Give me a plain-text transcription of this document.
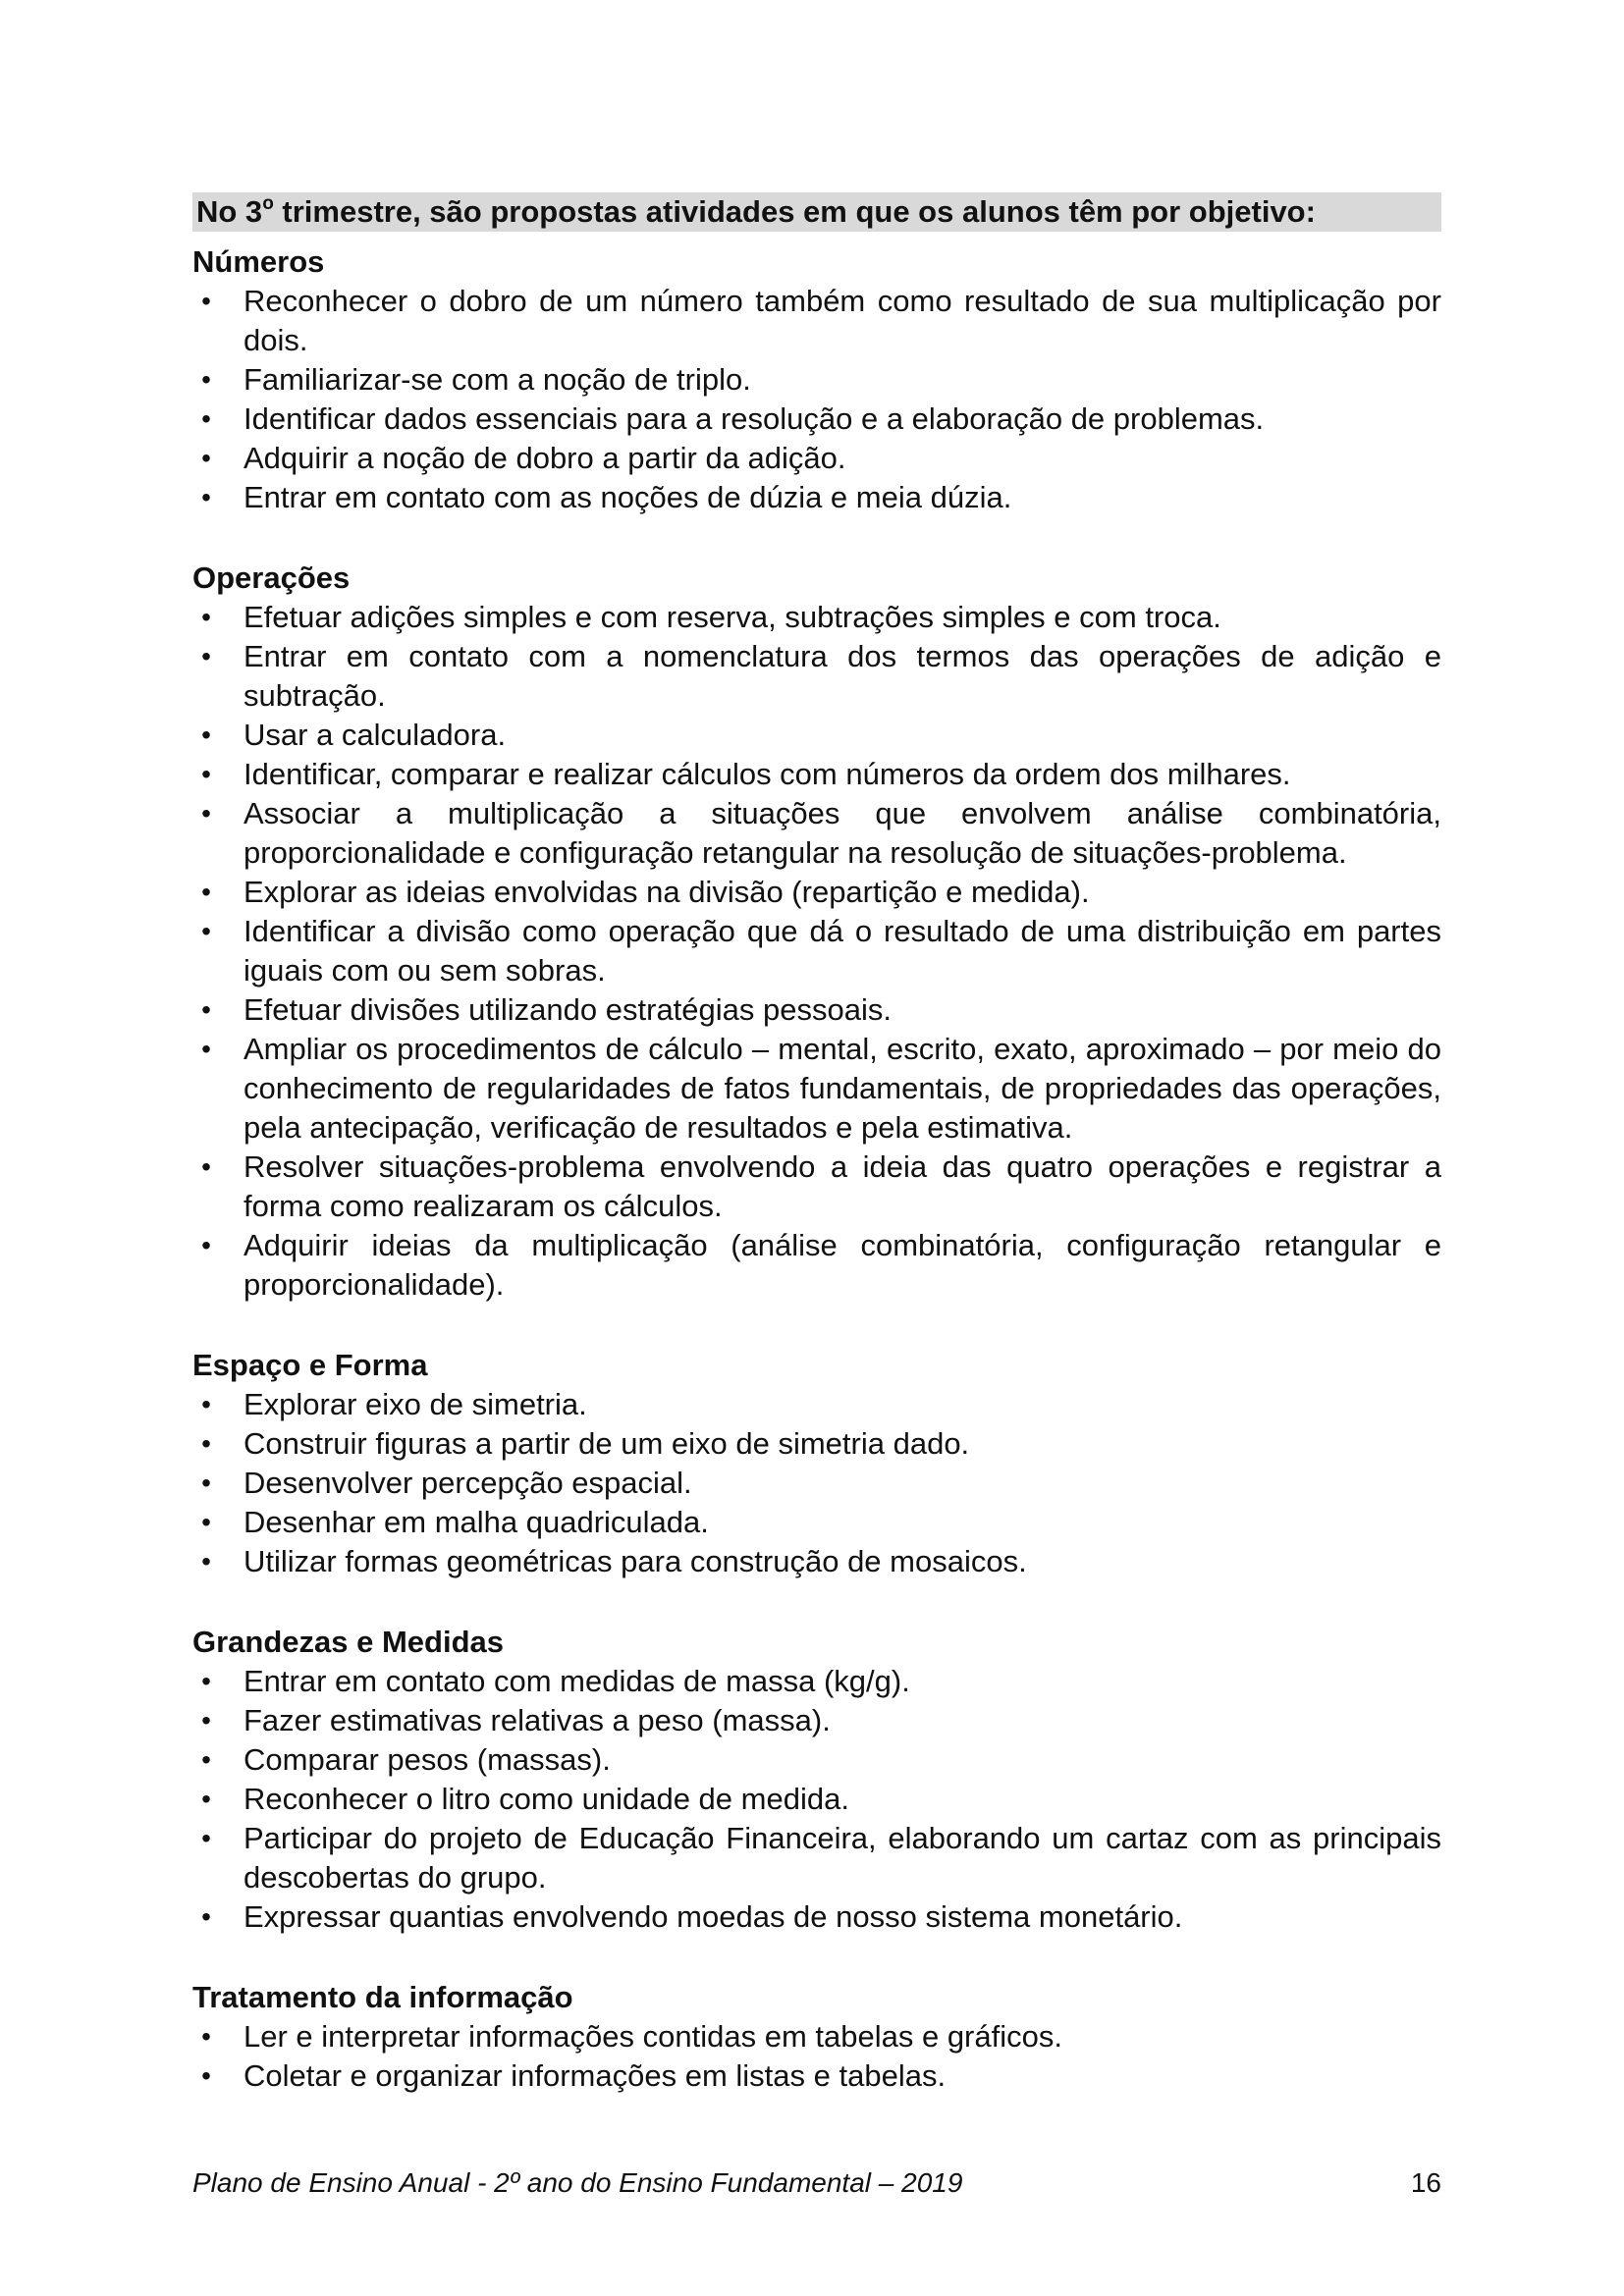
No 3$^o$ trimestre, são propostas atividades em que os alunos têm por objetivo:
Números
• Reconhecer o dobro de um número também como resultado de sua multiplicação por dois.
• Familiarizar-se com a noção de triplo.
• Identificar dados essenciais para a resolução e a elaboração de problemas.
• Adquirir a noção de dobro a partir da adição.
• Entrar em contato com as noções de dúzia e meia dúzia.
Operações
• Efetuar adições simples e com reserva, subtrações simples e com troca.
• Entrar em contato com a nomenclatura dos termos das operações de adição e subtração.
• Usar a calculadora.
• Identificar, comparar e realizar cálculos com números da ordem dos milhares.
• Associar a multiplicação a situações que envolvem análise combinatória, proporcionalidade e configuração retangular na resolução de situações-problema.
• Explorar as ideias envolvidas na divisão (repartição e medida).
• Identificar a divisão como operação que dá o resultado de uma distribuição em partes iguais com ou sem sobras.
• Efetuar divisões utilizando estratégias pessoais.
• Ampliar os procedimentos de cálculo – mental, escrito, exato, aproximado – por meio do conhecimento de regularidades de fatos fundamentais, de propriedades das operações, pela antecipação, verificação de resultados e pela estimativa.
• Resolver situações-problema envolvendo a ideia das quatro operações e registrar a forma como realizaram os cálculos.
• Adquirir ideias da multiplicação (análise combinatória, configuração retangular e proporcionalidade).
Espaço e Forma
• Explorar eixo de simetria.
• Construir figuras a partir de um eixo de simetria dado.
• Desenvolver percepção espacial.
• Desenhar em malha quadriculada.
• Utilizar formas geométricas para construção de mosaicos.
Grandezas e Medidas
• Entrar em contato com medidas de massa (kg/g).
• Fazer estimativas relativas a peso (massa).
• Comparar pesos (massas).
• Reconhecer o litro como unidade de medida.
• Participar do projeto de Educação Financeira, elaborando um cartaz com as principais descobertas do grupo.
• Expressar quantias envolvendo moedas de nosso sistema monetário.
Tratamento da informação
• Ler e interpretar informações contidas em tabelas e gráficos.
• Coletar e organizar informações em listas e tabelas.
Plano de Ensino Anual - 2º ano do Ensino Fundamental – 2019	16
